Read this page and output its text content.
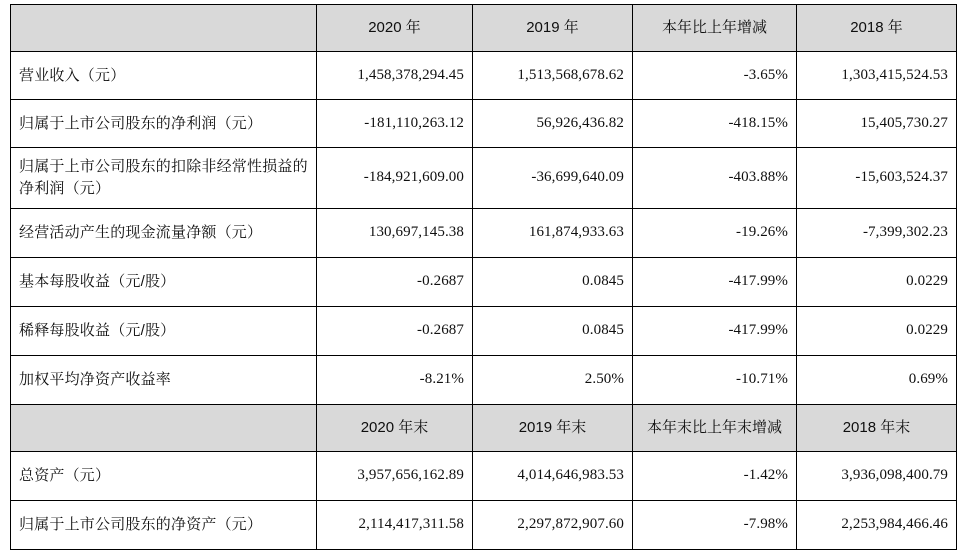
	2020 年	2019 年	本年比上年增减	2018 年
营业收入（元）	1,458,378,294.45	1,513,568,678.62	-3.65%	1,303,415,524.53
归属于上市公司股东的净利润（元）	-181,110,263.12	56,926,436.82	-418.15%	15,405,730.27
归属于上市公司股东的扣除非经常性损益的净利润（元）	-184,921,609.00	-36,699,640.09	-403.88%	-15,603,524.37
经营活动产生的现金流量净额（元）	130,697,145.38	161,874,933.63	-19.26%	-7,399,302.23
基本每股收益（元/股）	-0.2687	0.0845	-417.99%	0.0229
稀释每股收益（元/股）	-0.2687	0.0845	-417.99%	0.0229
加权平均净资产收益率	-8.21%	2.50%	-10.71%	0.69%
	2020 年末	2019 年末	本年末比上年末增减	2018 年末
总资产（元）	3,957,656,162.89	4,014,646,983.53	-1.42%	3,936,098,400.79
归属于上市公司股东的净资产（元）	2,114,417,311.58	2,297,872,907.60	-7.98%	2,253,984,466.46
